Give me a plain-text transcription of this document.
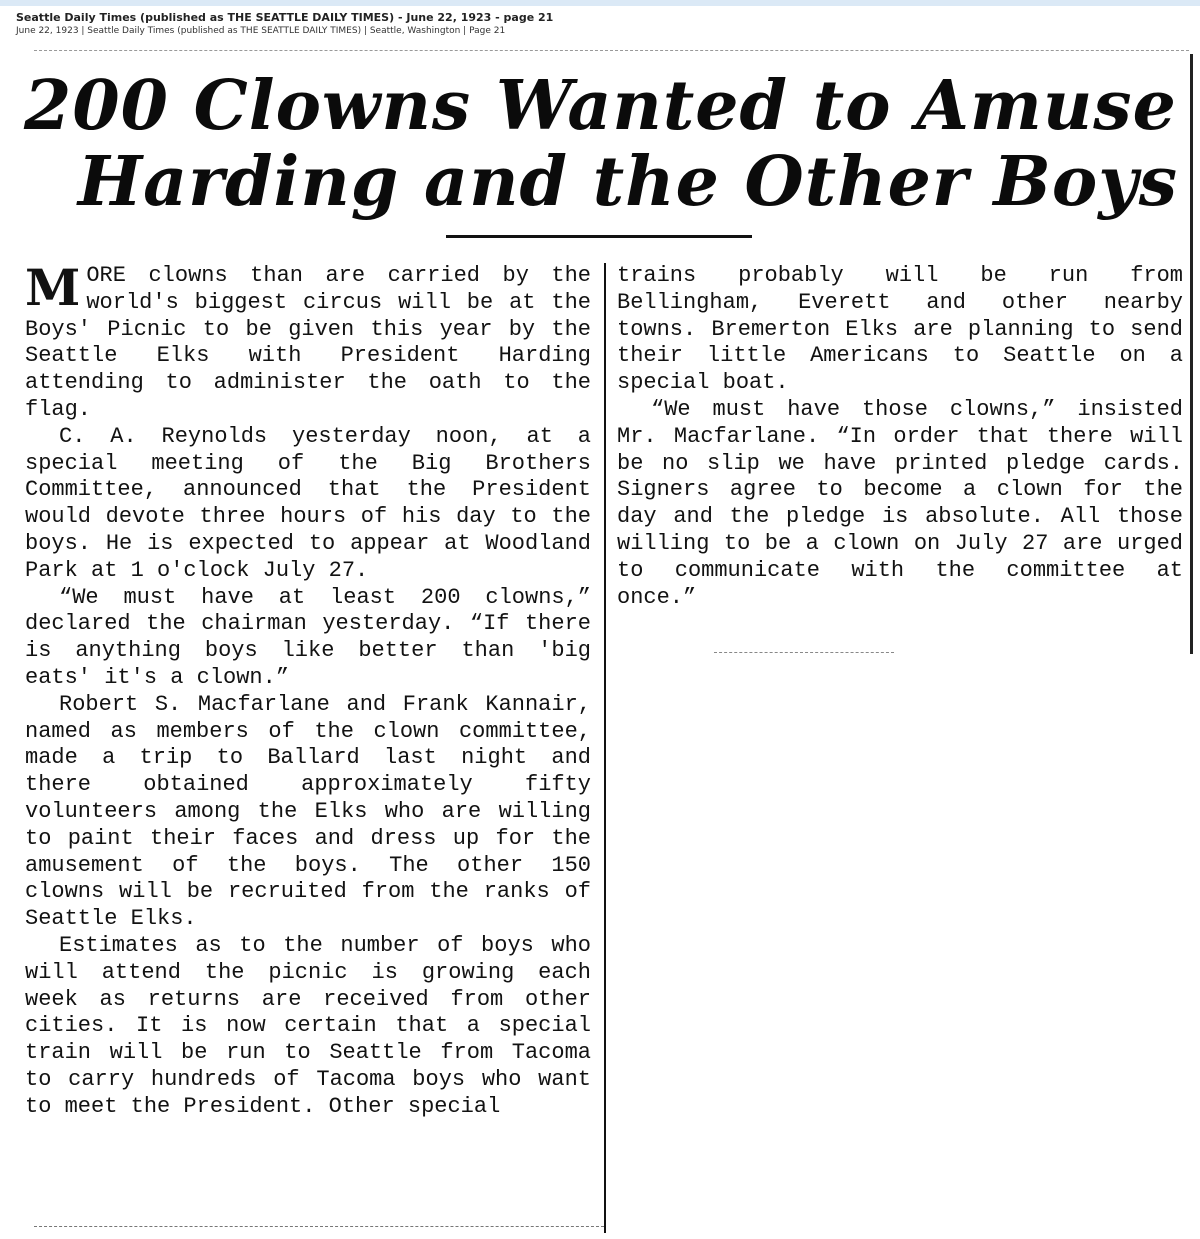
Seattle Daily Times (published as THE SEATTLE DAILY TIMES) - June 22, 1923 - page 21
June 22, 1923 | Seattle Daily Times (published as THE SEATTLE DAILY TIMES) | Seattle, Washington | Page 21
200 Clowns Wanted to Amuse
Harding and the Other Boys

MORE clowns than are carried by the world's biggest circus will be at the Boys' Picnic to be given this year by the Seattle Elks with President Harding attending to administer the oath to the flag.

C. A. Reynolds yesterday noon, at a special meeting of the Big Brothers Committee, announced that the President would devote three hours of his day to the boys. He is expected to appear at Woodland Park at 1 o'clock July 27.

“We must have at least 200 clowns,” declared the chairman yesterday. “If there is anything boys like better than 'big eats' it's a clown.”

Robert S. Macfarlane and Frank Kannair, named as members of the clown committee, made a trip to Ballard last night and there obtained approximately fifty volunteers among the Elks who are willing to paint their faces and dress up for the amusement of the boys. The other 150 clowns will be recruited from the ranks of Seattle Elks.

Estimates as to the number of boys who will attend the picnic is growing each week as returns are received from other cities. It is now certain that a special train will be run to Seattle from Tacoma to carry hundreds of Tacoma boys who want to meet the President. Other special

trains probably will be run from Bellingham, Everett and other nearby towns. Bremerton Elks are planning to send their little Americans to Seattle on a special boat.

“We must have those clowns,” insisted Mr. Macfarlane. “In order that there will be no slip we have printed pledge cards. Signers agree to become a clown for the day and the pledge is absolute. All those willing to be a clown on July 27 are urged to communicate with the committee at once.”
